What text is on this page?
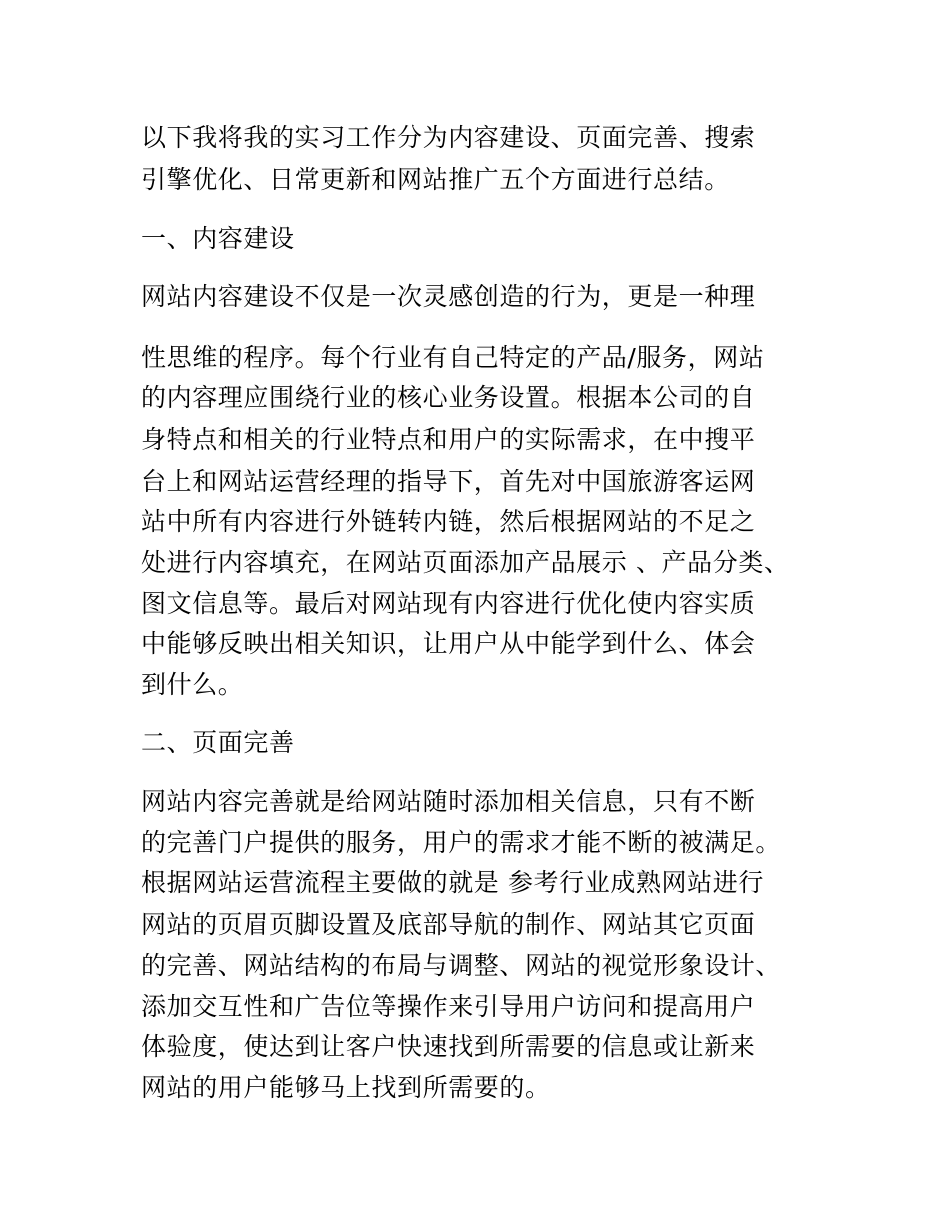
以下我将我的实习工作分为内容建设、页面完善、搜索
引擎优化、日常更新和网站推广五个方面进行总结。
一、内容建设
网站内容建设不仅是一次灵感创造的行为，更是一种理
性思维的程序。每个行业有自己特定的产品/服务，网站
的内容理应围绕行业的核心业务设置。根据本公司的自
身特点和相关的行业特点和用户的实际需求，在中搜平
台上和网站运营经理的指导下，首先对中国旅游客运网
站中所有内容进行外链转内链，然后根据网站的不足之
处进行内容填充，在网站页面添加产品展示 、产品分类、
图文信息等。最后对网站现有内容进行优化使内容实质
中能够反映出相关知识，让用户从中能学到什么、体会
到什么。
二、页面完善
网站内容完善就是给网站随时添加相关信息，只有不断
的完善门户提供的服务，用户的需求才能不断的被满足。
根据网站运营流程主要做的就是 参考行业成熟网站进行
网站的页眉页脚设置及底部导航的制作、网站其它页面
的完善、网站结构的布局与调整、网站的视觉形象设计、
添加交互性和广告位等操作来引导用户访问和提高用户
体验度，使达到让客户快速找到所需要的信息或让新来
网站的用户能够马上找到所需要的。
